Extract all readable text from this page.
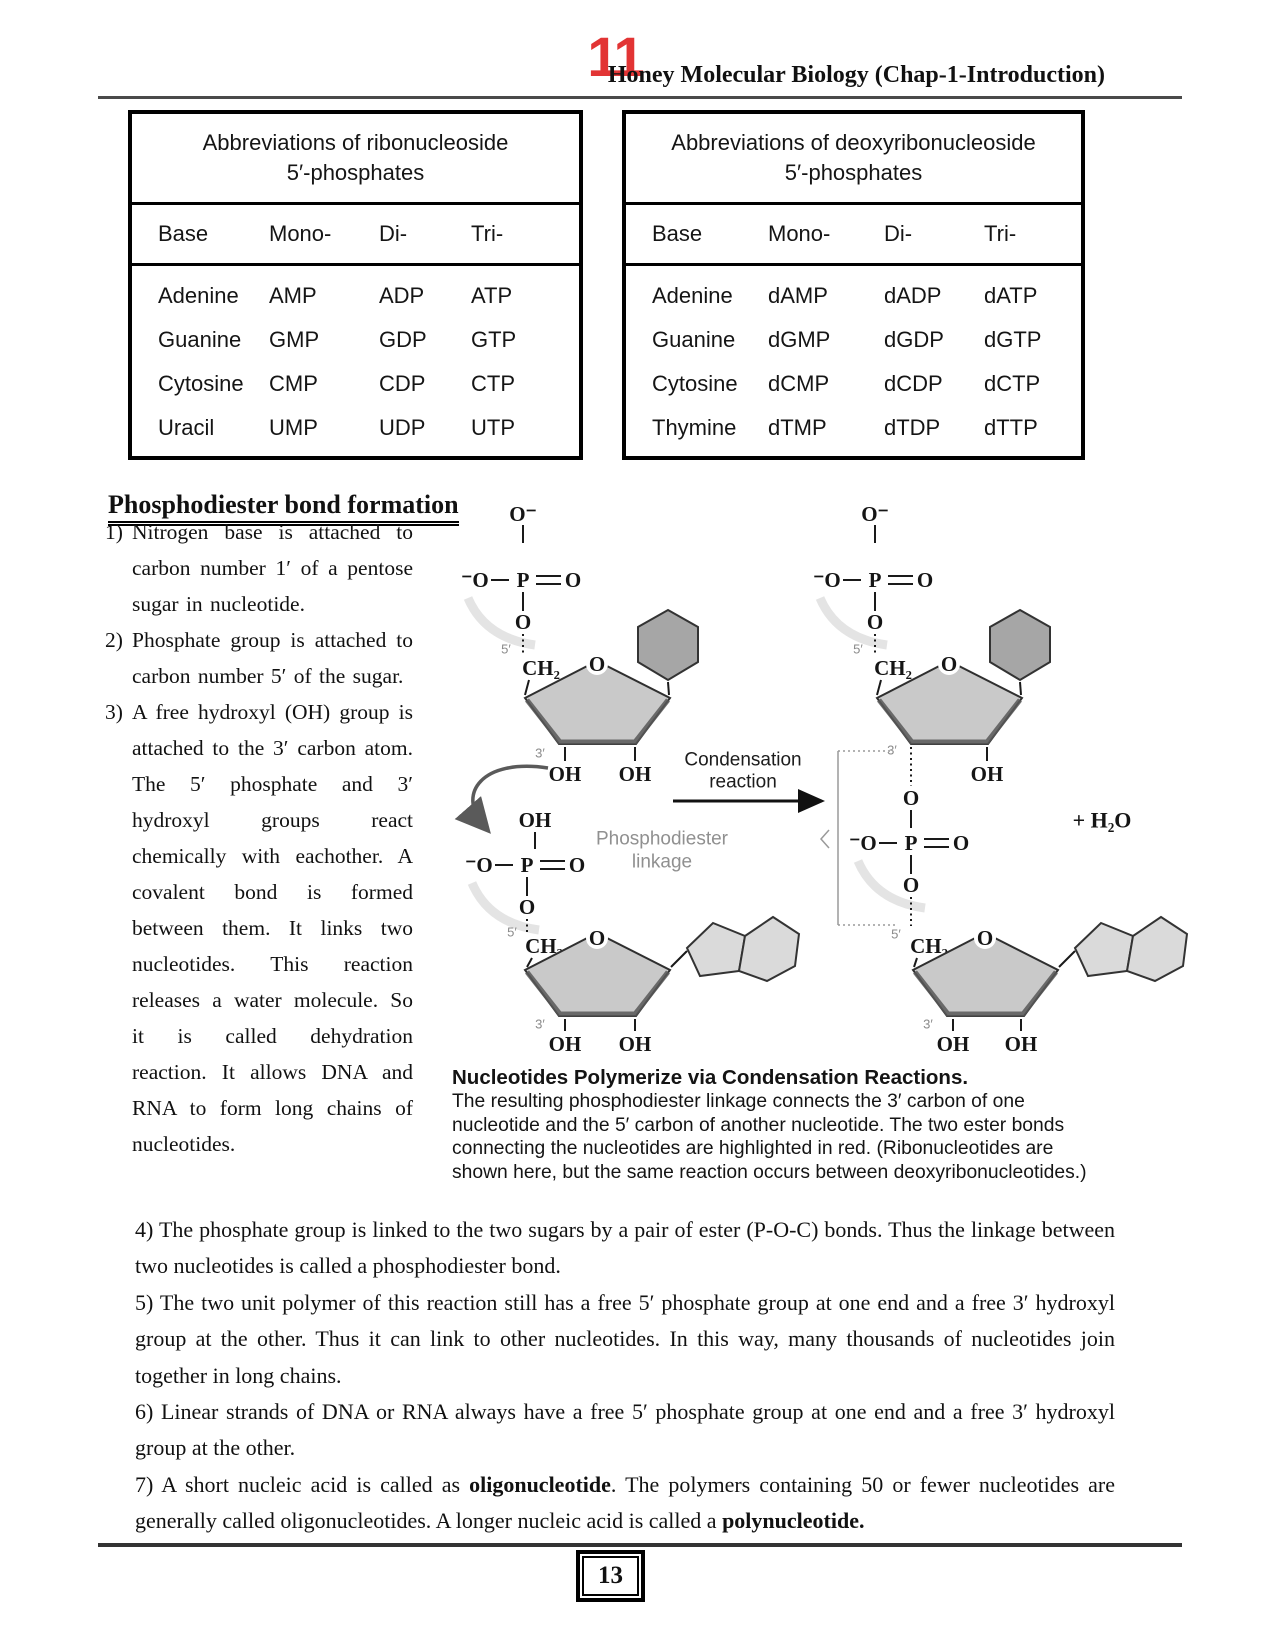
11
Honey Molecular Biology (Chap-1-Introduction)
Abbreviations of ribonucleoside
5′-phosphates
Base	Mono-	Di-	Tri-
Adenine	AMP	ADP	ATP
Guanine	GMP	GDP	GTP
Cytosine	CMP	CDP	CTP
Uracil	UMP	UDP	UTP
Abbreviations of deoxyribonucleoside
5′-phosphates
Base	Mono-	Di-	Tri-
Adenine	dAMP	dADP	dATP
Guanine	dGMP	dGDP	dGTP
Cytosine	dCMP	dCDP	dCTP
Thymine	dTMP	dTDP	dTTP
Phosphodiester bond formation
1) Nitrogen base is attached to carbon number 1′ of a pentose sugar in nucleotide.
2) Phosphate group is attached to carbon number 5′ of the sugar.
3) A free hydroxyl (OH) group is attached to the 3′ carbon atom. The 5′ phosphate and 3′ hydroxyl groups react chemically with eachother. A covalent bond is formed between them. It links two nucleotides. This reaction releases a water molecule. So it is called dehydration reaction. It allows DNA and RNA to form long chains of nucleotides.
O⁻
⁻O P O
O
5′
CH₂ O
3′
OH OH
OH
⁻O P O
O
5′
CH₂ O
3′
OH OH
Condensation
reaction
Phosphodiester
linkage
O⁻
⁻O P O
O
5′
CH₂ O
3′
OH
O
⁻O P O
O
5′ CH₂ O
3′
OH OH
+ H₂O
Nucleotides Polymerize via Condensation Reactions.
The resulting phosphodiester linkage connects the 3′ carbon of one nucleotide and the 5′ carbon of another nucleotide. The two ester bonds connecting the nucleotides are highlighted in red. (Ribonucleotides are shown here, but the same reaction occurs between deoxyribonucleotides.)
4) The phosphate group is linked to the two sugars by a pair of ester (P-O-C) bonds. Thus the linkage between two nucleotides is called a phosphodiester bond.
5) The two unit polymer of this reaction still has a free 5′ phosphate group at one end and a free 3′ hydroxyl group at the other. Thus it can link to other nucleotides. In this way, many thousands of nucleotides join together in long chains.
6) Linear strands of DNA or RNA always have a free 5′ phosphate group at one end and a free 3′ hydroxyl group at the other.
7) A short nucleic acid is called as oligonucleotide. The polymers containing 50 or fewer nucleotides are generally called oligonucleotides. A longer nucleic acid is called a polynucleotide.
13
